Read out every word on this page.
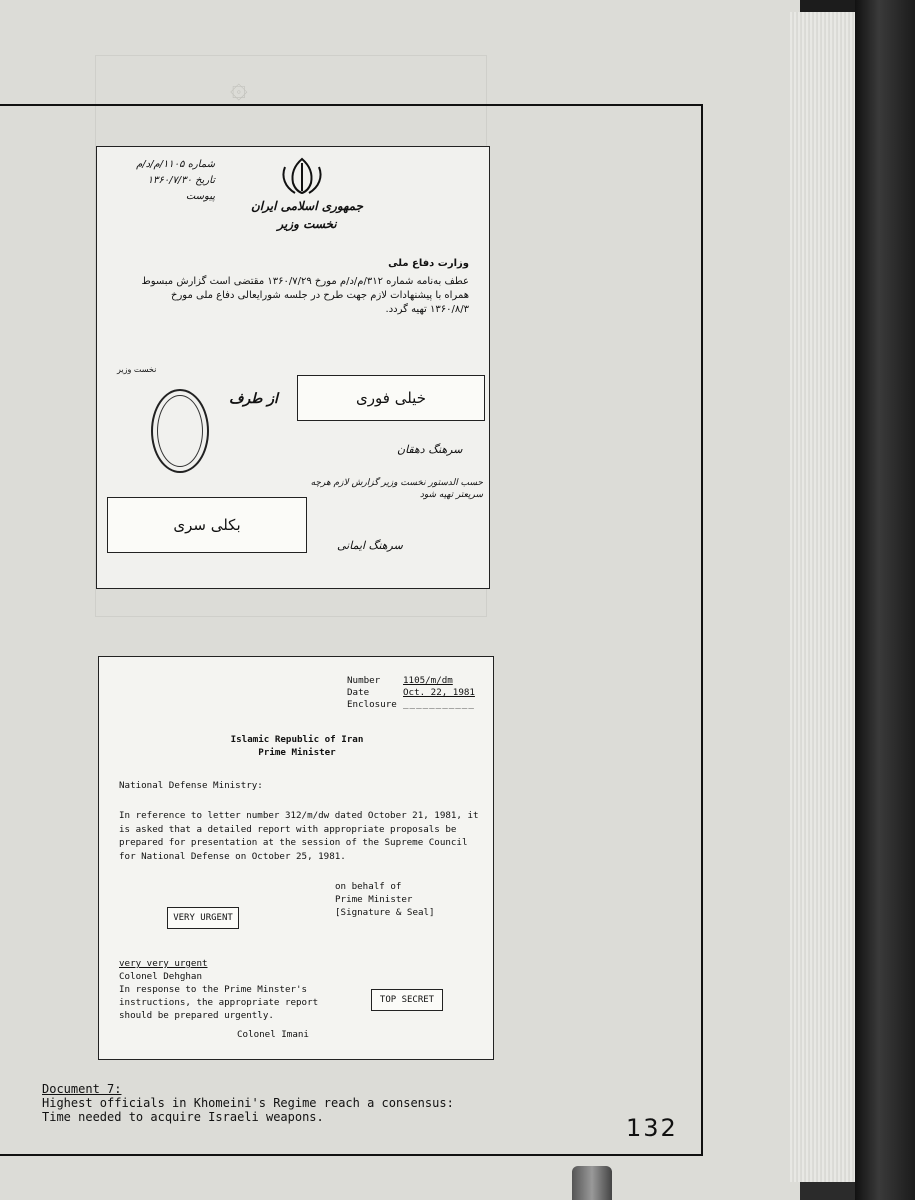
۞
جمهوری اسلامی ایران
نخست وزیر
شماره ۱۱۰۵/م/د/م
تاریخ ۱۳۶۰/۷/۳۰
پیوست
وزارت دفاع ملی
عطف به‌نامه شماره ۳۱۲/م/د/م مورخ ۱۳۶۰/۷/۲۹ مقتضی است گزارش مبسوط همراه با پیشنهادات لازم جهت طرح در جلسه شورایعالی دفاع ملی مورخ ۱۳۶۰/۸/۳ تهیه گردد.
نخست وزیر
از طرف	خیلی فوری
سرهنگ دهقان
حسب الدستور نخست وزیر گزارش لازم هرچه سریعتر تهیه شود
سرهنگ ایمانی
بکلی سری
Number	1105/m/dm
Date	Oct. 22, 1981
Enclosure ___________
Islamic Republic of Iran
Prime Minister
National Defense Ministry:
In reference to letter number 312/m/dw dated October 21, 1981, it is asked that a detailed report with appropriate proposals be prepared for presentation at the session of the Supreme Council for National Defense on October 25, 1981.
on behalf of
Prime Minister
[Signature & Seal]
VERY URGENT
very very urgent
Colonel Dehghan
In response to the Prime Minster's
instructions, the appropriate report
should be prepared urgently.
TOP SECRET
Colonel Imani
Document 7:
Highest officials in Khomeini's Regime reach a consensus:
Time needed to acquire Israeli weapons.	132
